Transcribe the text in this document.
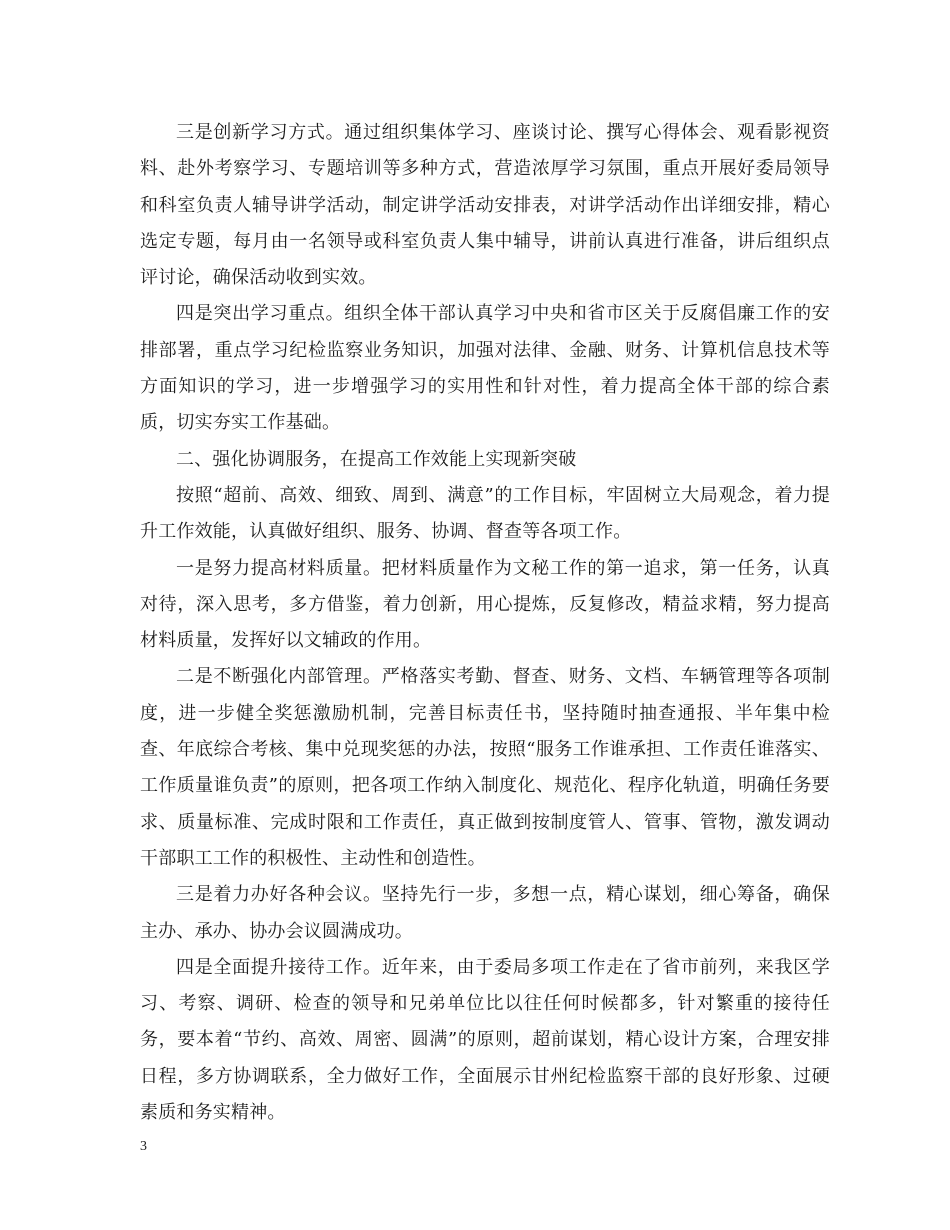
三是创新学习方式。通过组织集体学习、座谈讨论、撰写心得体会、观看影视资料、赴外考察学习、专题培训等多种方式，营造浓厚学习氛围，重点开展好委局领导和科室负责人辅导讲学活动，制定讲学活动安排表，对讲学活动作出详细安排，精心选定专题，每月由一名领导或科室负责人集中辅导，讲前认真进行准备，讲后组织点评讨论，确保活动收到实效。

四是突出学习重点。组织全体干部认真学习中央和省市区关于反腐倡廉工作的安排部署，重点学习纪检监察业务知识，加强对法律、金融、财务、计算机信息技术等方面知识的学习，进一步增强学习的实用性和针对性，着力提高全体干部的综合素质，切实夯实工作基础。

二、强化协调服务，在提高工作效能上实现新突破

按照“超前、高效、细致、周到、满意”的工作目标，牢固树立大局观念，着力提升工作效能，认真做好组织、服务、协调、督查等各项工作。

一是努力提高材料质量。把材料质量作为文秘工作的第一追求，第一任务，认真对待，深入思考，多方借鉴，着力创新，用心提炼，反复修改，精益求精，努力提高材料质量，发挥好以文辅政的作用。

二是不断强化内部管理。严格落实考勤、督查、财务、文档、车辆管理等各项制度，进一步健全奖惩激励机制，完善目标责任书，坚持随时抽查通报、半年集中检查、年底综合考核、集中兑现奖惩的办法，按照“服务工作谁承担、工作责任谁落实、工作质量谁负责”的原则，把各项工作纳入制度化、规范化、程序化轨道，明确任务要求、质量标准、完成时限和工作责任，真正做到按制度管人、管事、管物，激发调动干部职工工作的积极性、主动性和创造性。

三是着力办好各种会议。坚持先行一步，多想一点，精心谋划，细心筹备，确保主办、承办、协办会议圆满成功。

四是全面提升接待工作。近年来，由于委局多项工作走在了省市前列，来我区学习、考察、调研、检查的领导和兄弟单位比以往任何时候都多，针对繁重的接待任务，要本着“节约、高效、周密、圆满”的原则，超前谋划，精心设计方案，合理安排日程，多方协调联系，全力做好工作，全面展示甘州纪检监察干部的良好形象、过硬素质和务实精神。

3
